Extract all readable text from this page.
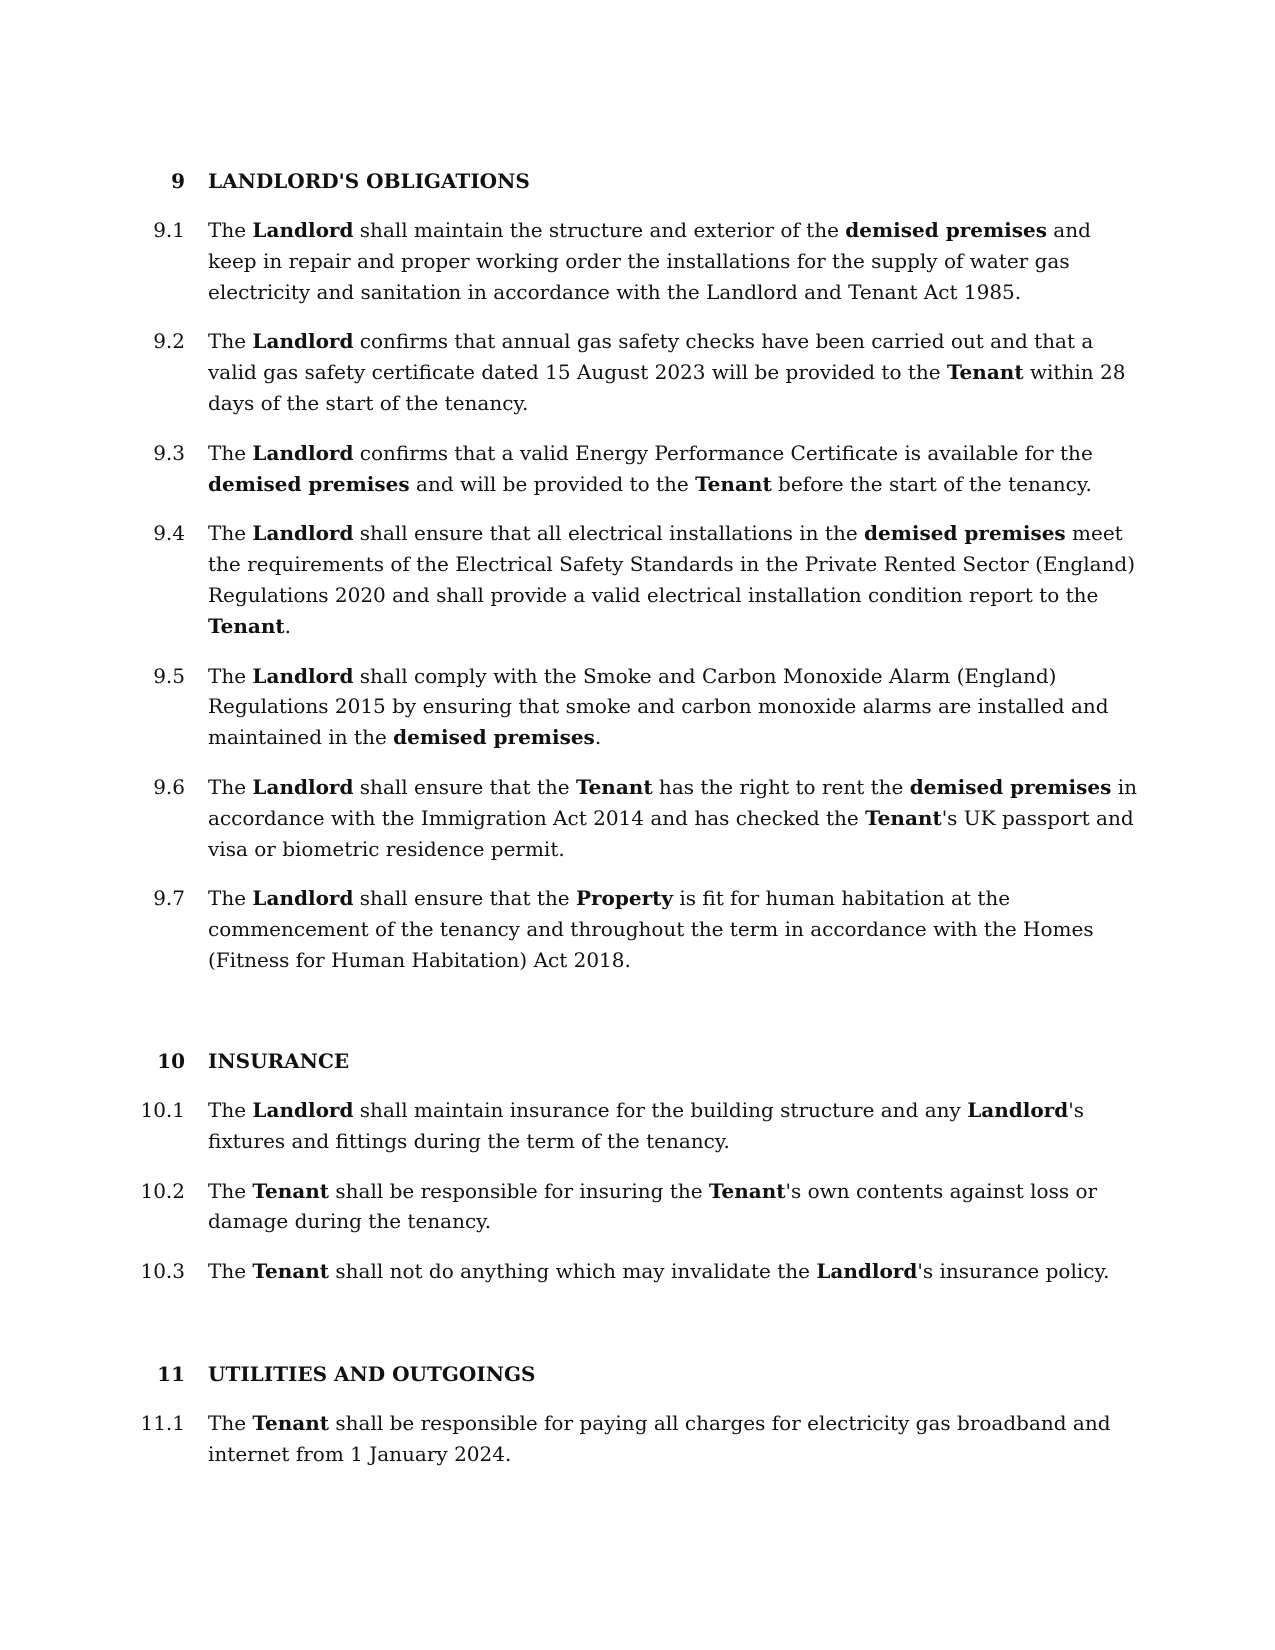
9 LANDLORD'S OBLIGATIONS
9.1 The Landlord shall maintain the structure and exterior of the demised premises and keep in repair and proper working order the installations for the supply of water gas electricity and sanitation in accordance with the Landlord and Tenant Act 1985.
9.2 The Landlord confirms that annual gas safety checks have been carried out and that a valid gas safety certificate dated 15 August 2023 will be provided to the Tenant within 28 days of the start of the tenancy.
9.3 The Landlord confirms that a valid Energy Performance Certificate is available for the demised premises and will be provided to the Tenant before the start of the tenancy.
9.4 The Landlord shall ensure that all electrical installations in the demised premises meet the requirements of the Electrical Safety Standards in the Private Rented Sector (England) Regulations 2020 and shall provide a valid electrical installation condition report to the Tenant.
9.5 The Landlord shall comply with the Smoke and Carbon Monoxide Alarm (England) Regulations 2015 by ensuring that smoke and carbon monoxide alarms are installed and maintained in the demised premises.
9.6 The Landlord shall ensure that the Tenant has the right to rent the demised premises in accordance with the Immigration Act 2014 and has checked the Tenant's UK passport and visa or biometric residence permit.
9.7 The Landlord shall ensure that the Property is fit for human habitation at the commencement of the tenancy and throughout the term in accordance with the Homes (Fitness for Human Habitation) Act 2018.
10 INSURANCE
10.1 The Landlord shall maintain insurance for the building structure and any Landlord's fixtures and fittings during the term of the tenancy.
10.2 The Tenant shall be responsible for insuring the Tenant's own contents against loss or damage during the tenancy.
10.3 The Tenant shall not do anything which may invalidate the Landlord's insurance policy.
11 UTILITIES AND OUTGOINGS
11.1 The Tenant shall be responsible for paying all charges for electricity gas broadband and internet from 1 January 2024.
